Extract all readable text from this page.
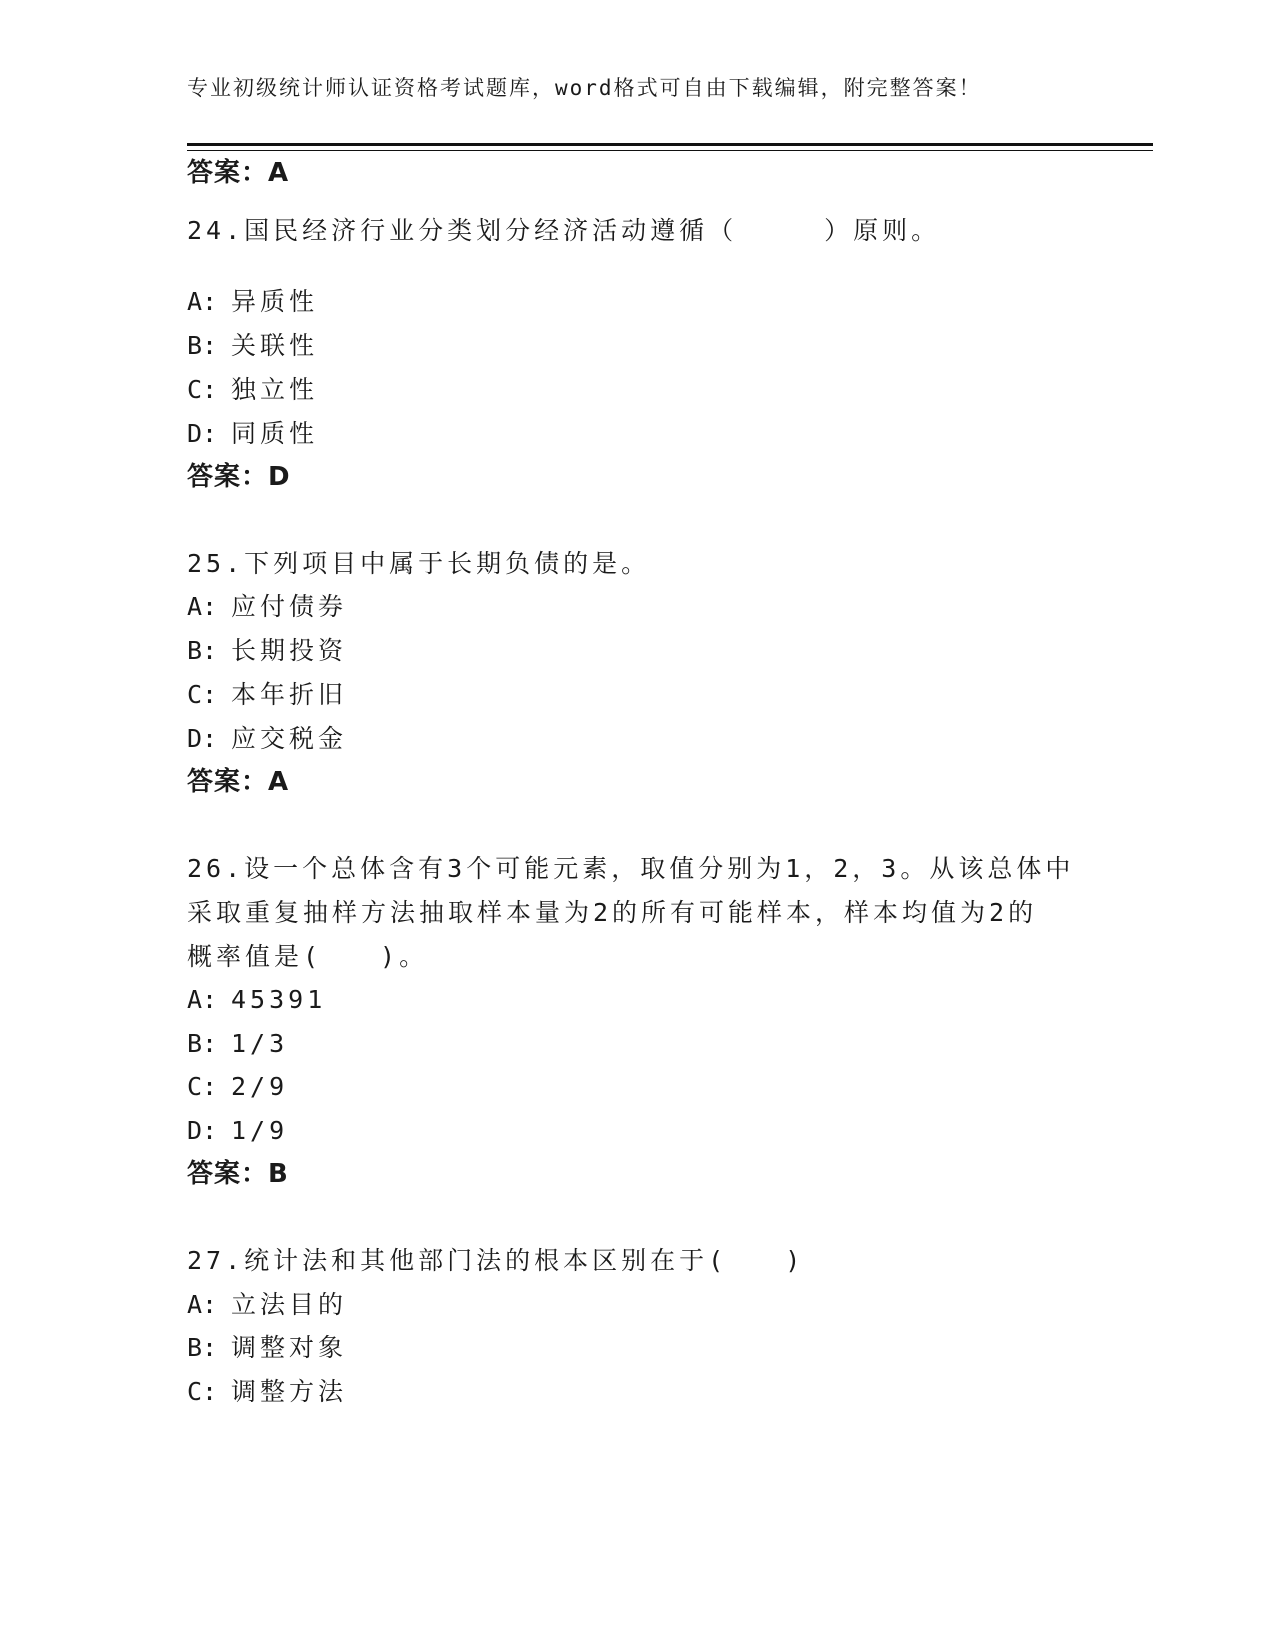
专业初级统计师认证资格考试题库，word格式可自由下载编辑，附完整答案！
答案：A
24.国民经济行业分类划分经济活动遵循（　　　）原则。
A: 异质性
B: 关联性
C: 独立性
D: 同质性
答案：D
25.下列项目中属于长期负债的是。
A: 应付债券
B: 长期投资
C: 本年折旧
D: 应交税金
答案：A
26.设一个总体含有3个可能元素，取值分别为1，2，3。从该总体中
采取重复抽样方法抽取样本量为2的所有可能样本，样本均值为2的
概率值是(　　)。
A: 45391
B: 1/3
C: 2/9
D: 1/9
答案：B
27.统计法和其他部门法的根本区别在于(　　)
A: 立法目的
B: 调整对象
C: 调整方法
